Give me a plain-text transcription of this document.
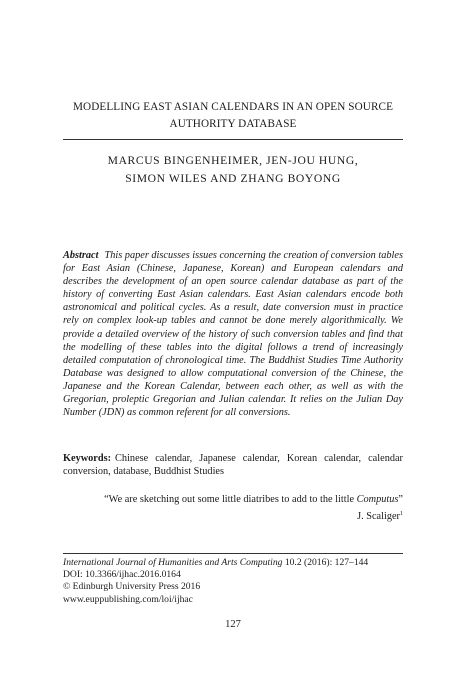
MODELLING EAST ASIAN CALENDARS IN AN OPEN SOURCE
AUTHORITY DATABASE
MARCUS BINGENHEIMER, JEN-JOU HUNG,
SIMON WILES AND ZHANG BOYONG
Abstract This paper discusses issues concerning the creation of conversion tables for East Asian (Chinese, Japanese, Korean) and European calendars and describes the development of an open source calendar database as part of the history of converting East Asian calendars. East Asian calendars encode both astronomical and political cycles. As a result, date conversion must in practice rely on complex look-up tables and cannot be done merely algorithmically. We provide a detailed overview of the history of such conversion tables and find that the modelling of these tables into the digital follows a trend of increasingly detailed computation of chronological time. The Buddhist Studies Time Authority Database was designed to allow computational conversion of the Chinese, the Japanese and the Korean Calendar, between each other, as well as with the Gregorian, proleptic Gregorian and Julian calendar. It relies on the Julian Day Number (JDN) as common referent for all conversions.
Keywords: Chinese calendar, Japanese calendar, Korean calendar, calendar conversion, database, Buddhist Studies
“We are sketching out some little diatribes to add to the little Computus”
J. Scaliger$^1$
International Journal of Humanities and Arts Computing 10.2 (2016): 127–144
DOI: 10.3366/ijhac.2016.0164
© Edinburgh University Press 2016
www.euppublishing.com/loi/ijhac
127
